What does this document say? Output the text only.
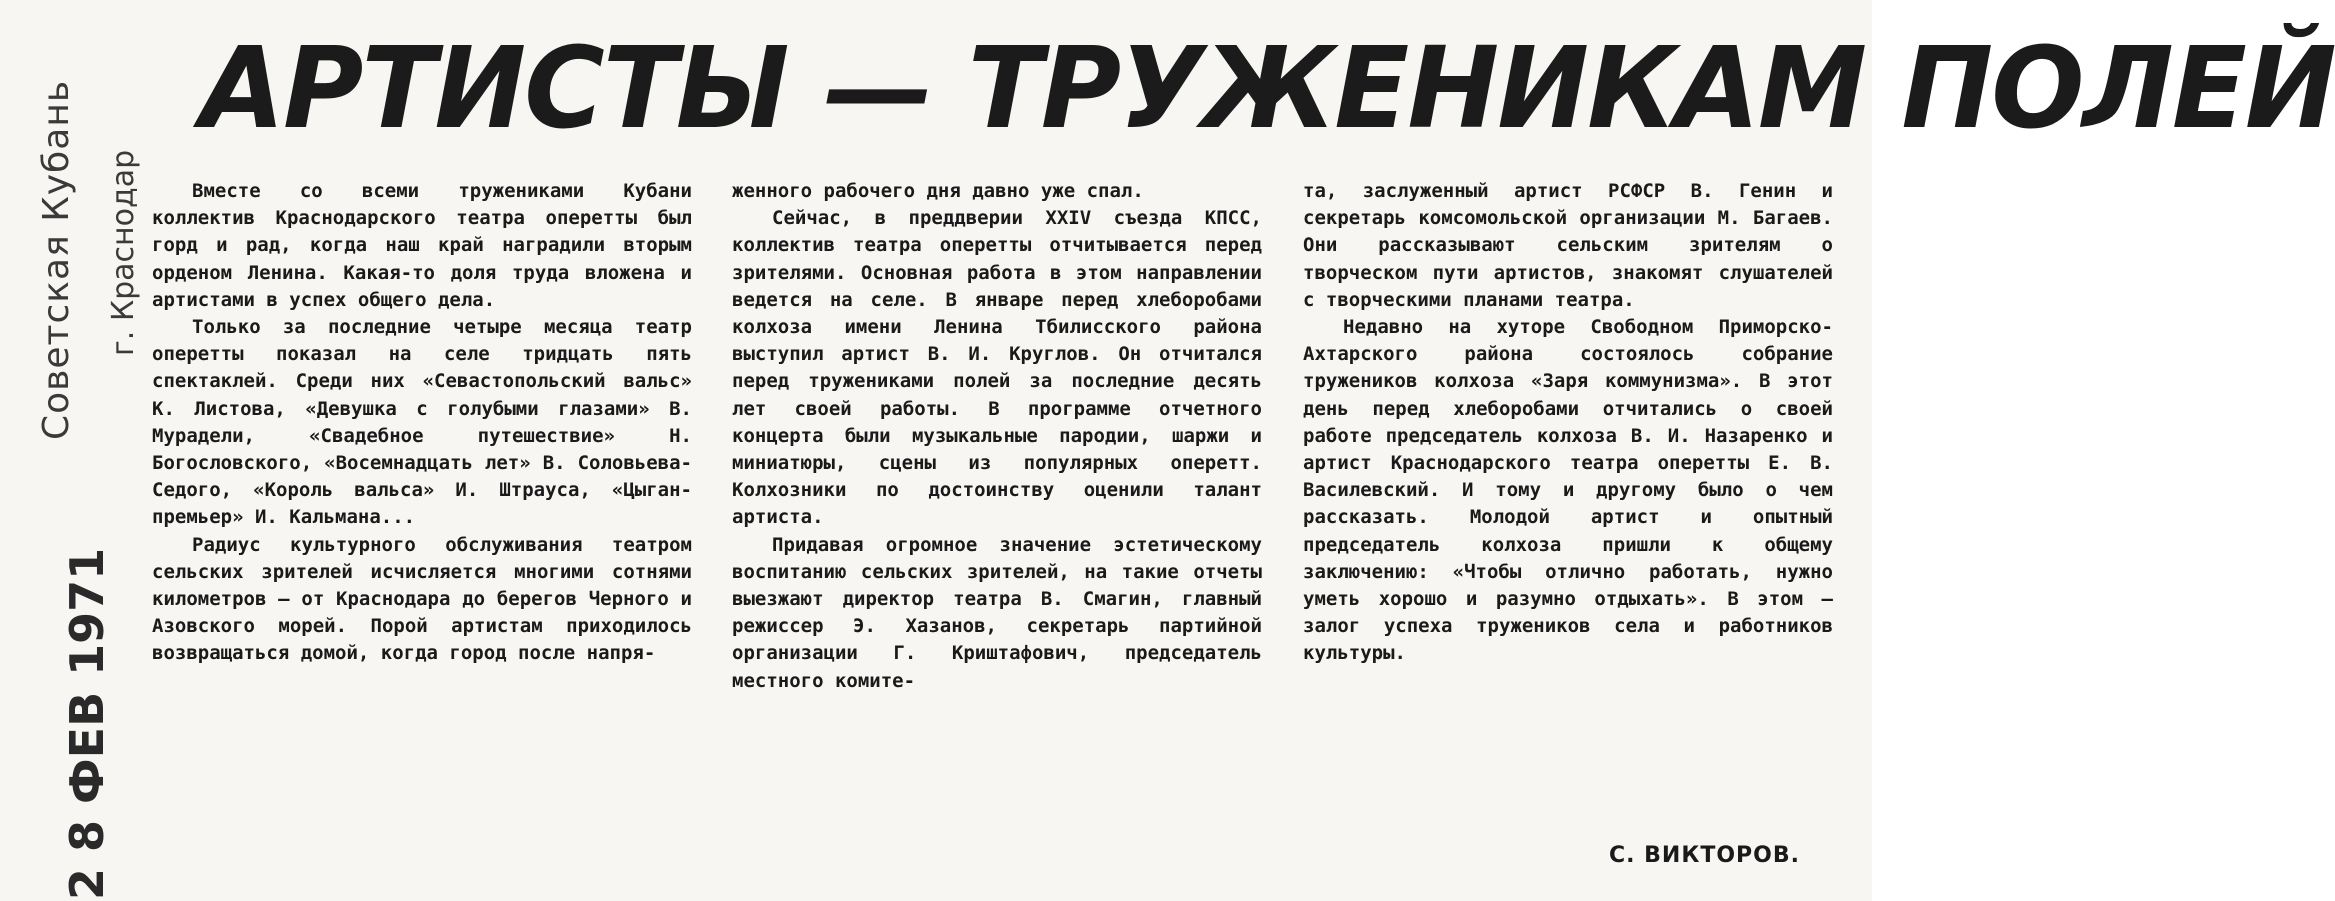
Советская Кубань г. Краснодар
2 8 ФЕВ 1971
АРТИСТЫ — ТРУЖЕНИКАМ ПОЛЕЙ

Вместе со всеми тружениками Кубани коллектив Краснодарского театра оперетты был горд и рад, когда наш край наградили вторым орденом Ленина. Какая-то доля труда вложена и артистами в успех общего дела.

Только за последние четыре месяца театр оперетты показал на селе тридцать пять спектаклей. Среди них «Севастопольский вальс» К. Листова, «Девушка с голубыми глазами» В. Мурадели, «Свадебное путешествие» Н. Богословского, «Восемнадцать лет» В. Соловьева-Седого, «Король вальса» И. Штрауса, «Цыган-премьер» И. Кальмана...

Радиус культурного обслуживания театром сельских зрителей исчисляется многими сотнями километров — от Краснодара до берегов Черного и Азовского морей. Порой артистам приходилось возвращаться домой, когда город после напря-

женного рабочего дня давно уже спал.

Сейчас, в преддверии XXIV съезда КПСС, коллектив театра оперетты отчитывается перед зрителями. Основная работа в этом направлении ведется на селе. В январе перед хлеборобами колхоза имени Ленина Тбилисского района выступил артист В. И. Круглов. Он отчитался перед тружениками полей за последние десять лет своей работы. В программе отчетного концерта были музыкальные пародии, шаржи и миниатюры, сцены из популярных оперетт. Колхозники по достоинству оценили талант артиста.

Придавая огромное значение эстетическому воспитанию сельских зрителей, на такие отчеты выезжают директор театра В. Смагин, главный режиссер Э. Хазанов, секретарь партийной организации Г. Криштафович, председатель местного комите-

та, заслуженный артист РСФСР В. Генин и секретарь комсомольской организации М. Багаев. Они рассказывают сельским зрителям о творческом пути артистов, знакомят слушателей с творческими планами театра.

Недавно на хуторе Свободном Приморско-Ахтарского района состоялось собрание тружеников колхоза «Заря коммунизма». В этот день перед хлеборобами отчитались о своей работе председатель колхоза В. И. Назаренко и артист Краснодарского театра оперетты Е. В. Василевский. И тому и другому было о чем рассказать. Молодой артист и опытный председатель колхоза пришли к общему заключению: «Чтобы отлично работать, нужно уметь хорошо и разумно отдыхать». В этом — залог успеха тружеников села и работников культуры.

С. ВИКТОРОВ.
